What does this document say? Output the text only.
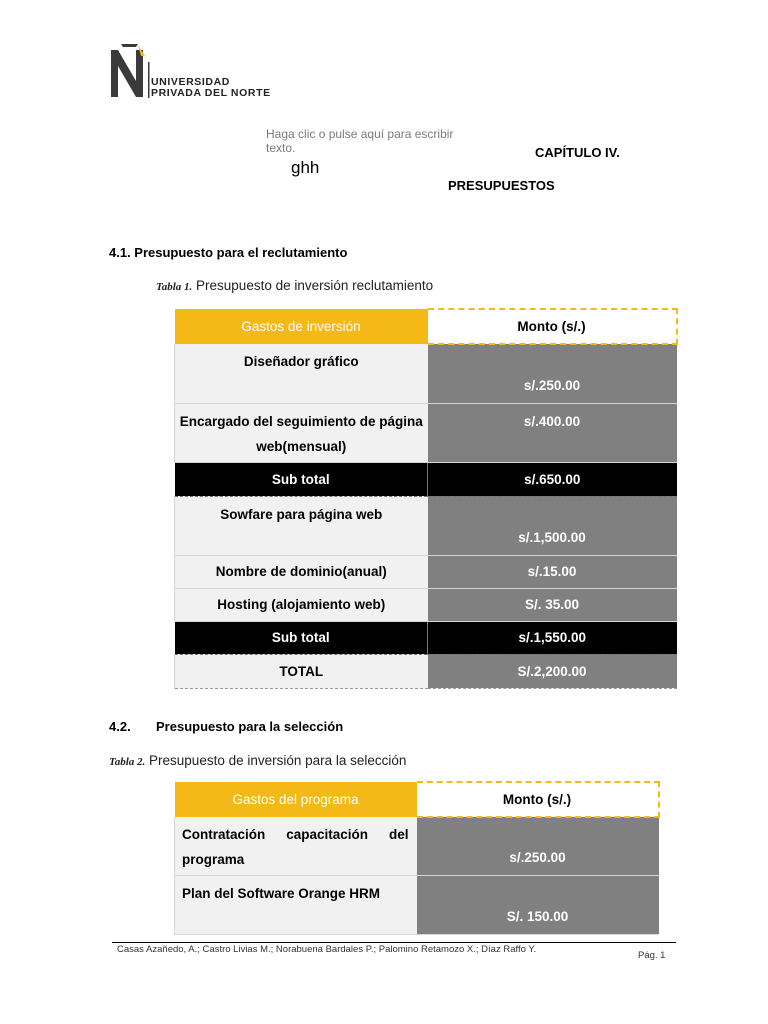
UNIVERSIDAD
PRIVADA DEL NORTE
Haga clic o pulse aquí para escribir texto.
ghh
CAPÍTULO IV.
PRESUPUESTOS
4.1. Presupuesto para el reclutamiento
Tabla 1. Presupuesto de inversión reclutamiento
Gastos de inversión	Monto (s/.)
Diseñador gráfico	s/.250.00
Encargado del seguimiento de página web(mensual)	s/.400.00
Sub total	s/.650.00
Sowfare para página web	s/.1,500.00
Nombre de dominio(anual)	s/.15.00
Hosting (alojamiento web)	S/. 35.00
Sub total	s/.1,550.00
TOTAL	S/.2,200.00
4.2. Presupuesto para la selección
Tabla 2. Presupuesto de inversión para la selección
Gastos del programa	Monto (s/.)
Contratación capacitación del programa	s/.250.00
Plan del Software Orange HRM	S/. 150.00
Casas Azañedo, A.; Castro Livias M.; Norabuena Bardales P.; Palomino Retamozo X.; Díaz Raffo Y.
Pág. 1
